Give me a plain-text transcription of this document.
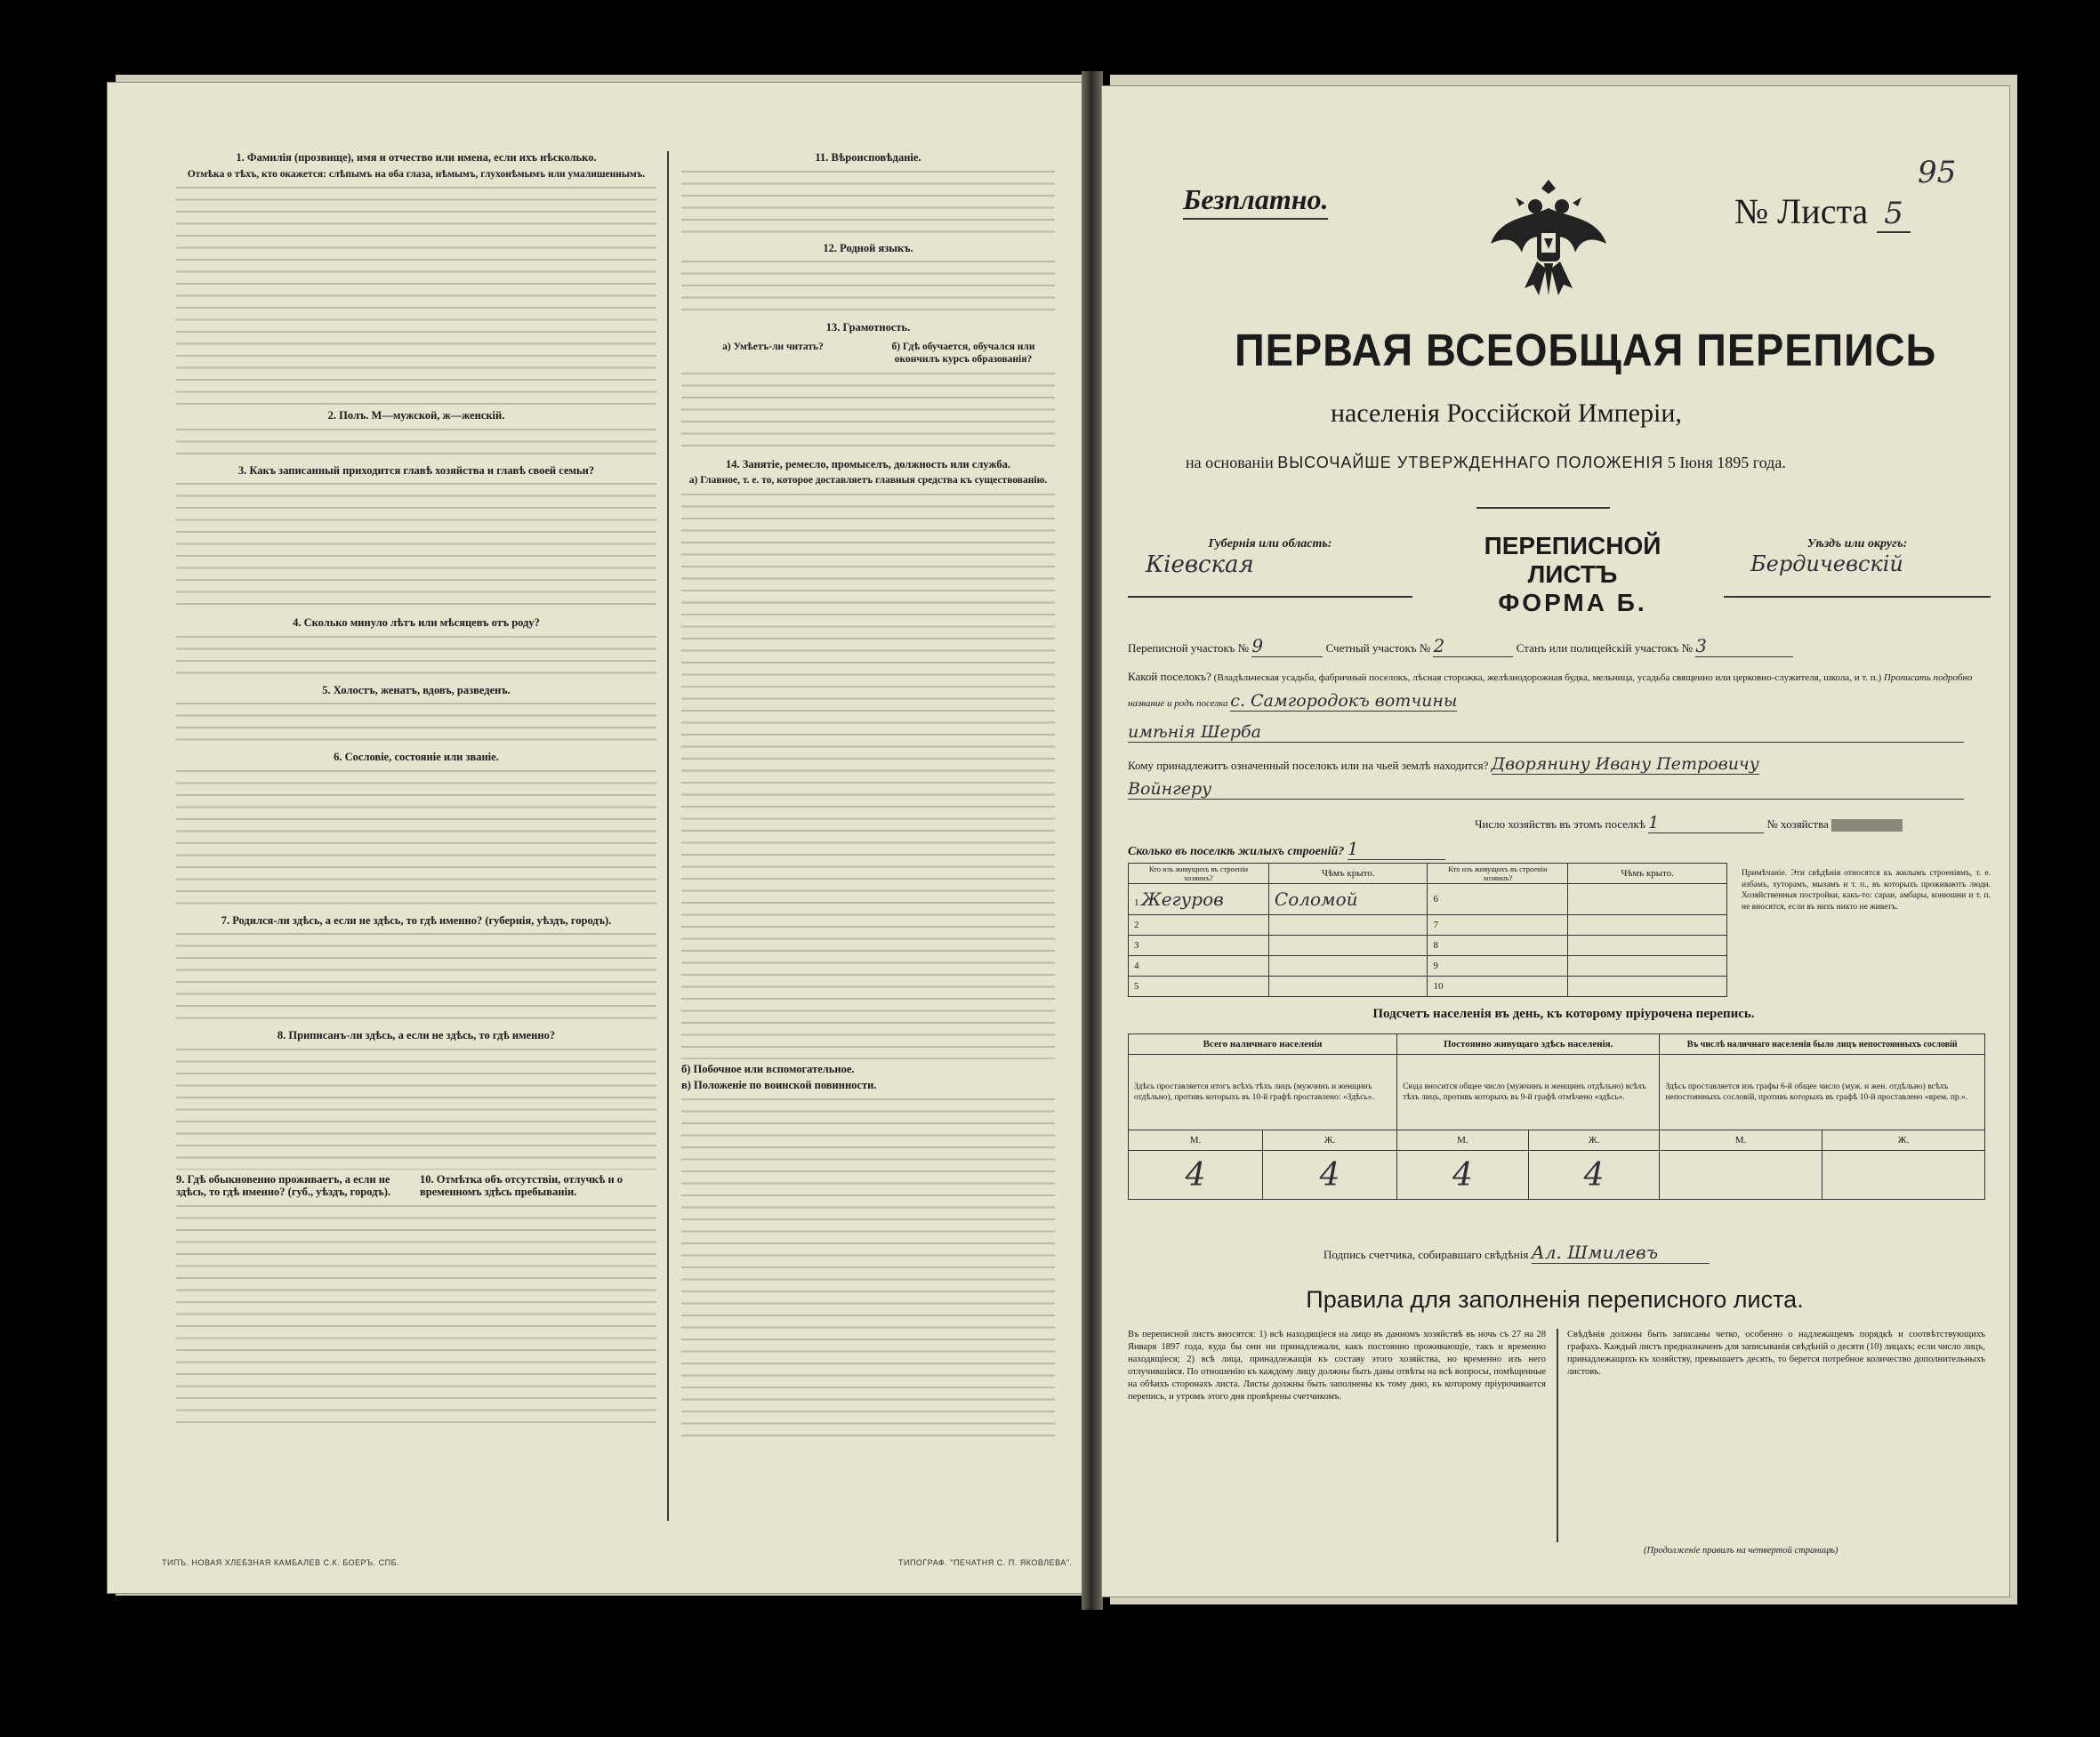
1. Фамилія (прозвище), имя и отчество или имена, если ихъ нѣсколько.
Отмѣка о тѣхъ, кто окажется: слѣпымъ на оба глаза, нѣмымъ, глухонѣмымъ или умалишеннымъ.
2. Полъ. М—мужской, ж—женскій.
3. Какъ записанный приходится главѣ хозяйства и главѣ своей семьи?
4. Сколько минуло лѣтъ или мѣсяцевъ отъ роду?
5. Холостъ, женатъ, вдовъ, разведенъ.
6. Сословіе, состояніе или званіе.
7. Родился-ли здѣсь, а если не здѣсь, то гдѣ именно? (губернія, уѣздъ, городъ).
8. Приписанъ-ли здѣсь, а если не здѣсь, то гдѣ именно?
9. Гдѣ обыкновенно проживаетъ, а если не здѣсь, то гдѣ именно? (губ., уѣздъ, городъ).
10. Отмѣтка объ отсутствіи, отлучкѣ и о временномъ здѣсь пребываніи.
11. Вѣроисповѣданіе.
12. Родной языкъ.
13. Грамотность.
а) Умѣетъ-ли читать?	б) Гдѣ обучается, обучался или окончилъ курсъ образованія?
14. Занятіе, ремесло, промыселъ, должность или служба.
а) Главное, т. е. то, которое доставляетъ главныя средства къ существованію.
б) Побочное или вспомогательное.
в) Положеніе по воинской повинности.
ТИПЪ. НОВАЯ ХЛЕБЗНАЯ КАМБАЛЕВ С.К. БОЕРЪ. СПБ.	ТИПОГРАФ. "ПЕЧАТНЯ С. П. ЯКОВЛЕВА".
Безплатно.	№ Листа 5
95
ПЕРВАЯ ВСЕОБЩАЯ ПЕРЕПИСЬ
населенія Россійской Имперіи,
на основаніи ВЫСОЧАЙШЕ УТВЕРЖДЕННАГО ПОЛОЖЕНІЯ 5 Іюня 1895 года.
Губернія или область:
Кіевская
ПЕРЕПИСНОЙ ЛИСТЪ
ФОРМА Б.
Уѣздъ или округъ:
Бердичевскій
Переписной участокъ № 9	Счетный участокъ № 2	Станъ или полицейскій участокъ № 3
Какой поселокъ? (Владѣльческая усадьба, фабричный поселокъ, лѣсная сторожка, желѣзнодорожная будка, мельница, усадьба священно или церковно-служителя, школа, и т. п.) Прописать подробно название и родъ поселка с. Самгородокъ вотчины
имѣнія Шерба
Кому принадлежитъ означенный поселокъ или на чьей землѣ находится? Дворянину Ивану Петровичу
Войнгеру
Число хозяйствъ въ этомъ поселкѣ 1	№ хозяйства
Сколько въ поселкѣ жилыхъ строеній? 1
Кто изъ живущихъ въ строеніи хозяинъ?	Чѣмъ крыто.	Кто изъ живущихъ въ строеніи хозяинъ?	Чѣмъ крыто.
1 Жегуров	Соломой	6	
2		7	
3		8	
4		9	
5		10	
Примѣчаніе. Эти свѣдѣнія относятся къ жилымъ строеніямъ, т. е. избамъ, хуторамъ, мызамъ и т. п., въ которыхъ проживаютъ люди. Хозяйственныя постройки, какъ-то: сараи, амбары, конюшни и т. п. не вносятся, если въ нихъ никто не живетъ.
Подсчетъ населенія въ день, къ которому пріурочена перепись.
Всего наличнаго населенія		Постоянно живущаго здѣсь населенія.		Въ числѣ наличнаго населенія было лицъ непостоянныхъ сословій	
Здѣсь проставляется итогъ всѣхъ тѣхъ лицъ (мужчинъ и женщинъ отдѣльно), противъ которыхъ въ 10-й графѣ проставлено: «Здѣсь».		Сюда вносится общее число (мужчинъ и женщинъ отдѣльно) всѣхъ тѣхъ лицъ, противъ которыхъ въ 9-й графѣ отмѣчено «здѣсь».		Здѣсь проставляется изъ графы 6-й общее число (муж. и жен. отдѣльно) всѣхъ непостоянныхъ сословій, противъ которыхъ въ графѣ 10-й проставлено «врем. пр.».	
М.	Ж.	М.	Ж.	М.	Ж.
4	4	4	4		
Подпись счетчика, собиравшаго свѣдѣнія Ал. Шмилевъ
Правила для заполненія переписного листа.
Въ переписной листъ вносятся: 1) всѣ находящіеся на лицо въ данномъ хозяйствѣ въ ночь съ 27 на 28 Января 1897 года, куда бы они ни принадлежали, какъ постоянно проживающіе, такъ и временно находящіеся; 2) всѣ лица, принадлежащія къ составу этого хозяйства, но временно изъ него отлучившіяся. По отношенію къ каждому лицу должны быть даны отвѣты на всѣ вопросы, помѣщенные на обѣихъ сторонахъ листа. Листы должны быть заполнены къ тому дню, къ которому пріурочивается перепись, и утромъ этого дня провѣрены счетчикомъ.
Свѣдѣнія должны быть записаны четко, особенно о надлежащемъ порядкѣ и соотвѣтствующихъ графахъ. Каждый листъ предназначенъ для записыванія свѣдѣній о десяти (10) лицахъ; если число лицъ, принадлежащихъ къ хозяйству, превышаетъ десять, то берется потребное количество дополнительныхъ листовъ.
(Продолженіе правилъ на четвертой страницѣ)
